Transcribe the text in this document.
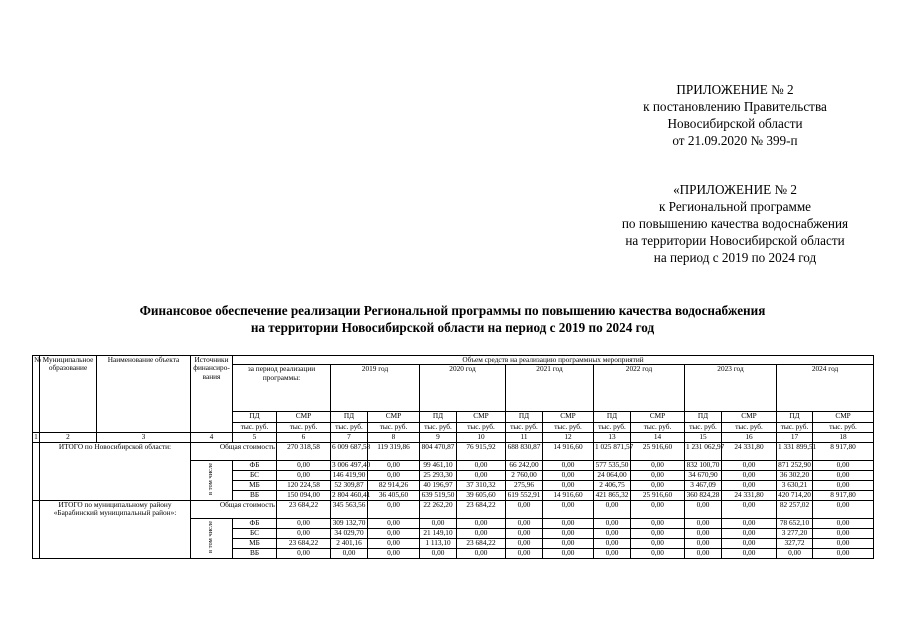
ПРИЛОЖЕНИЕ № 2
к постановлению Правительства
Новосибирской области
от 21.09.2020 № 399-п
«ПРИЛОЖЕНИЕ № 2
к Региональной программе
по повышению качества водоснабжения
на территории Новосибирской области
на период с 2019 по 2024 год
Финансовое обеспечение реализации Региональной программы по повышению качества водоснабжения
на территории Новосибирской области на период с 2019 по 2024 год
№	Муниципальное образование	Наименование объекта	Источники финансиро-вания	Объем средств на реализацию программных мероприятий														
				за период реализации программы:		2019 год		2020 год		2021 год		2022 год		2023 год		2024 год		
				ПД	СМР	ПД	СМР	ПД	СМР	ПД	СМР	ПД	СМР	ПД	СМР	ПД	СМР	
				тыс. руб.	тыс. руб.	тыс. руб.	тыс. руб.	тыс. руб.	тыс. руб.	тыс. руб.	тыс. руб.	тыс. руб.	тыс. руб.	тыс. руб.	тыс. руб.	тыс. руб.	тыс. руб.	
1	2	3	4	5	6	7	8	9	10	11	12	13	14	15	16	17	18	
	ИТОГО по Новосибирской области:		Общая стоимость		270 318,58	6 009 687,58	119 319,86	804 470,87	76 915,92	688 830,87	14 916,60	1 025 871,57	25 916,60	1 231 062,97	24 331,80	1 331 899,51	8 917,80	
			в том числе	ФБ	0,00	3 006 497,40	0,00	99 461,10	0,00	66 242,00	0,00	577 535,50	0,00	832 100,70	0,00	871 252,90	0,00	
				БС	0,00	146 419,90	0,00	25 293,30	0,00	2 760,00	0,00	24 064,00	0,00	34 670,90	0,00	36 302,20	0,00	
				МБ	120 224,58	52 309,87	82 914,26	40 196,97	37 310,32	275,96	0,00	2 406,75	0,00	3 467,09	0,00	3 630,21	0,00	
				ВБ	150 094,00	2 804 460,41	36 405,60	639 519,50	39 605,60	619 552,91	14 916,60	421 865,32	25 916,60	360 824,28	24 331,80	420 714,20	8 917,80	
	ИТОГО по муниципальному району «Барабинский муниципальный район»:		Общая стоимость		23 684,22	345 563,56	0,00	22 262,20	23 684,22	0,00	0,00	0,00	0,00	0,00	0,00	82 257,02	0,00	
			в том числе	ФБ	0,00	309 132,70	0,00	0,00	0,00	0,00	0,00	0,00	0,00	0,00	0,00	78 652,10	0,00	
				БС	0,00	34 029,70	0,00	21 149,10	0,00	0,00	0,00	0,00	0,00	0,00	0,00	3 277,20	0,00	
				МБ	23 684,22	2 401,16	0,00	1 113,10	23 684,22	0,00	0,00	0,00	0,00	0,00	0,00	327,72	0,00	
				ВБ	0,00	0,00	0,00	0,00	0,00	0,00	0,00	0,00	0,00	0,00	0,00	0,00	0,00	
